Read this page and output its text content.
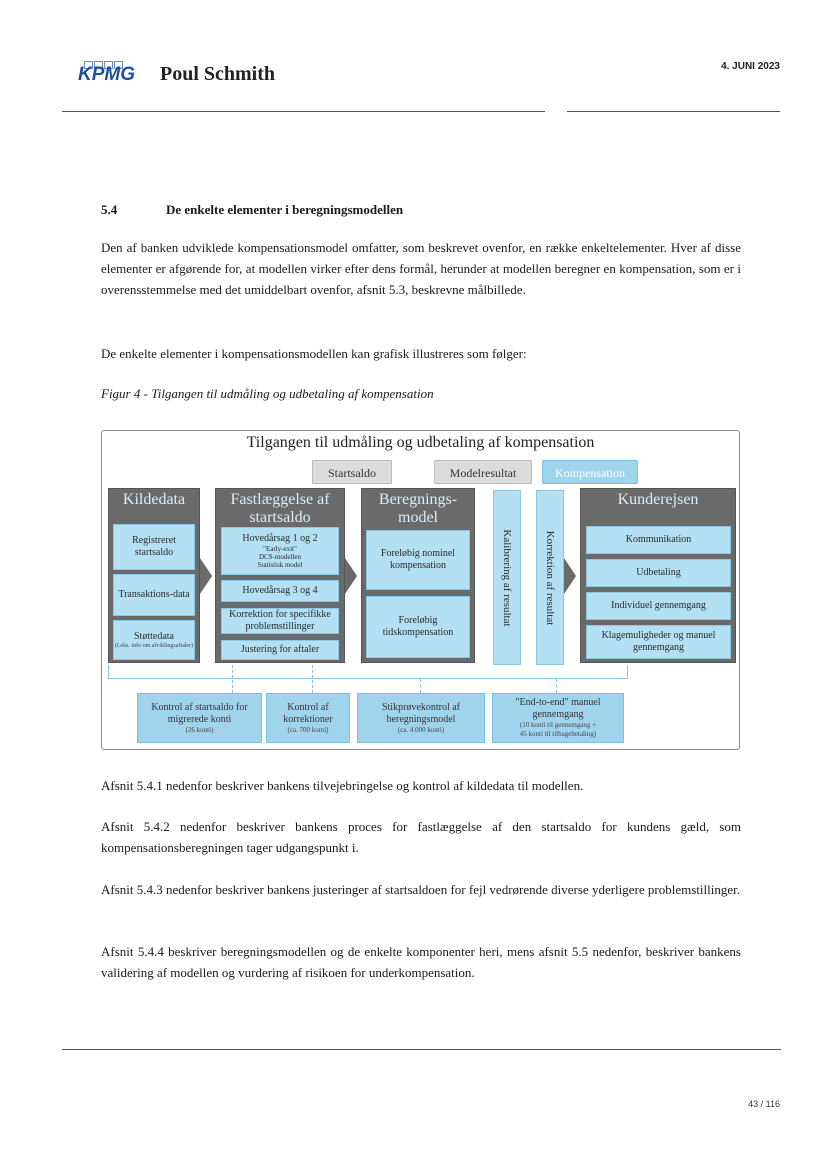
KPMG Poul Schmith	4. JUNI 2023
5.4	De enkelte elementer i beregningsmodellen
Den af banken udviklede kompensationsmodel omfatter, som beskrevet ovenfor, en række enkeltelementer. Hver af disse elementer er afgørende for, at modellen virker efter dens formål, herunder at modellen beregner en kompensation, som er i overensstemmelse med det umiddelbart ovenfor, afsnit 5.3, beskrevne målbillede.
De enkelte elementer i kompensationsmodellen kan grafisk illustreres som følger:
Figur 4 - Tilgangen til udmåling og udbetaling af kompensation
Tilgangen til udmåling og udbetaling af kompensation
Startsaldo	Modelresultat	Kompensation
Kildedata
Registreret startsaldo
Transaktions-data
Støttedata
(f.eks. info om afviklingsaftaler)
Fastlæggelse af startsaldo
Hovedårsag 1 og 2
"Early-exit"
DCS-modellen
Statistisk model
Hovedårsag 3 og 4
Korrektion for specifikke problemstillinger
Justering for aftaler
Beregnings-model
Foreløbig nominel kompensation
Foreløbig tidskompensation
Kalibrering af resultat	Korrektion af resultat
Kunderejsen
Kommunikation
Udbetaling
Individuel gennemgang
Klagemuligheder og manuel gennemgang
Kontrol af startsaldo for migrerede konti
(26 konti)
Kontrol af korrektioner
(ca. 700 konti)
Stikprøvekontrol af beregningsmodel
(ca. 4.000 konti)
"End-to-end" manuel gennemgang
(10 konti til gennemgang +
45 konti til tilbagebetaling)
Afsnit 5.4.1 nedenfor beskriver bankens tilvejebringelse og kontrol af kildedata til modellen.
Afsnit 5.4.2 nedenfor beskriver bankens proces for fastlæggelse af den startsaldo for kundens gæld, som kompensationsberegningen tager udgangspunkt i.
Afsnit 5.4.3 nedenfor beskriver bankens justeringer af startsaldoen for fejl vedrørende diverse yderligere problemstillinger.
Afsnit 5.4.4 beskriver beregningsmodellen og de enkelte komponenter heri, mens afsnit 5.5 nedenfor, beskriver bankens validering af modellen og vurdering af risikoen for underkompensation.
43 / 116
